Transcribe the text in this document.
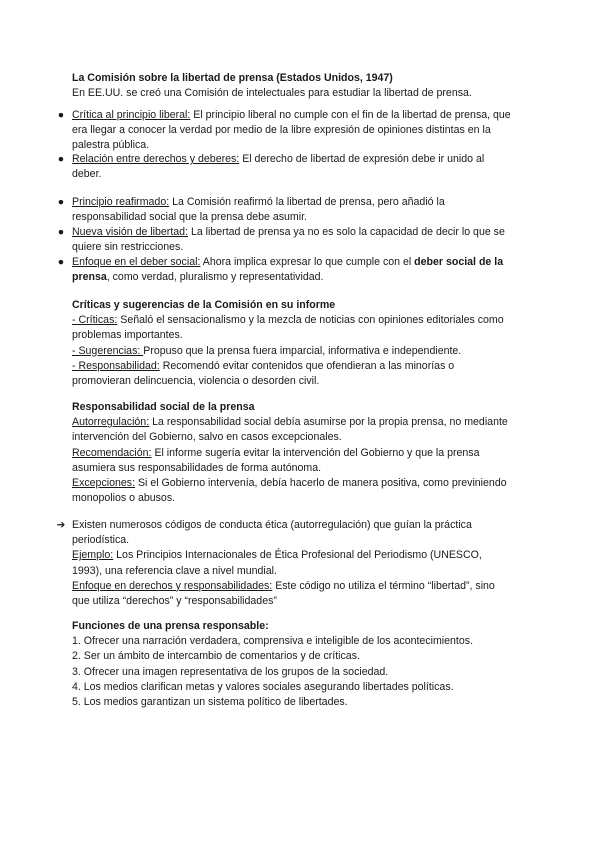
La Comisión sobre la libertad de prensa (Estados Unidos, 1947)
En EE.UU. se creó una Comisión de intelectuales para estudiar la libertad de prensa.
● Crítica al principio liberal: El principio liberal no cumple con el fin de la libertad de prensa, que
era llegar a conocer la verdad por medio de la libre expresión de opiniones distintas en la
palestra pública.
● Relación entre derechos y deberes: El derecho de libertad de expresión debe ir unido al
deber.
● Principio reafirmado: La Comisión reafirmó la libertad de prensa, pero añadió la
responsabilidad social que la prensa debe asumir.
● Nueva visión de libertad: La libertad de prensa ya no es solo la capacidad de decir lo que se
quiere sin restricciones.
● Enfoque en el deber social: Ahora implica expresar lo que cumple con el deber social de la
prensa, como verdad, pluralismo y representatividad.
Críticas y sugerencias de la Comisión en su informe
- Críticas: Señaló el sensacionalismo y la mezcla de noticias con opiniones editoriales como
problemas importantes.
- Sugerencias: Propuso que la prensa fuera imparcial, informativa e independiente.
- Responsabilidad: Recomendó evitar contenidos que ofendieran a las minorías o
promovieran delincuencia, violencia o desorden civil.
Responsabilidad social de la prensa
Autorregulación: La responsabilidad social debía asumirse por la propia prensa, no mediante
intervención del Gobierno, salvo en casos excepcionales.
Recomendación: El informe sugería evitar la intervención del Gobierno y que la prensa
asumiera sus responsabilidades de forma autónoma.
Excepciones: Si el Gobierno intervenía, debía hacerlo de manera positiva, como previniendo
monopolios o abusos.
➔ Existen numerosos códigos de conducta ética (autorregulación) que guían la práctica
periodística.
Ejemplo: Los Principios Internacionales de Ética Profesional del Periodismo (UNESCO,
1993), una referencia clave a nivel mundial.
Enfoque en derechos y responsabilidades: Este código no utiliza el término “libertad”, sino
que utiliza “derechos” y “responsabilidades”
Funciones de una prensa responsable:
1. Ofrecer una narración verdadera, comprensiva e inteligible de los acontecimientos.
2. Ser un ámbito de intercambio de comentarios y de críticas.
3. Ofrecer una imagen representativa de los grupos de la sociedad.
4. Los medios clarifican metas y valores sociales asegurando libertades políticas.
5. Los medios garantizan un sistema político de libertades.
